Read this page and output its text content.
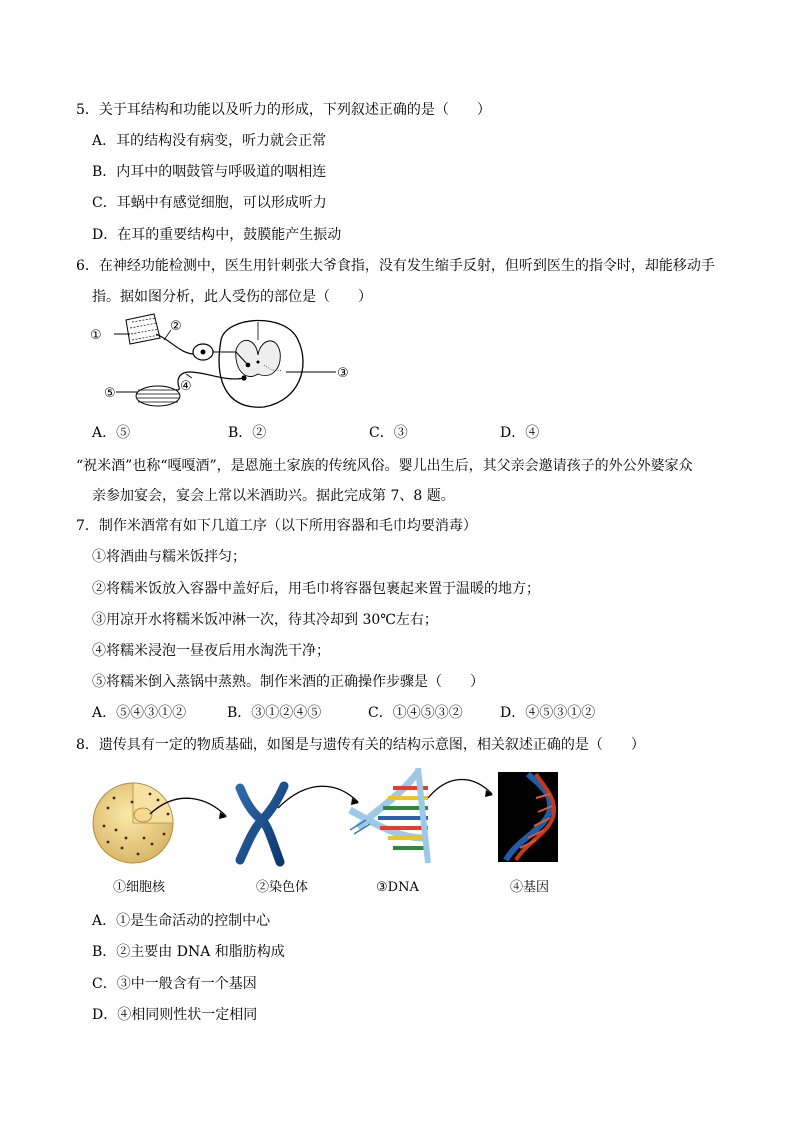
5．关于耳结构和功能以及听力的形成，下列叙述正确的是（　　）
A．耳的结构没有病变，听力就会正常
B．内耳中的咽鼓管与呼吸道的咽相连
C．耳蜗中有感觉细胞，可以形成听力
D．在耳的重要结构中，鼓膜能产生振动
6．在神经功能检测中，医生用针刺张大爷食指，没有发生缩手反射，但听到医生的指令时，却能移动手
指。据如图分析，此人受伤的部位是（　　）
①
②
③
④
⑤
A．⑤	B．②	C．③	D．④
“祝米酒”也称“嘎嘎酒”，是恩施土家族的传统风俗。婴儿出生后，其父亲会邀请孩子的外公外婆家众
亲参加宴会，宴会上常以米酒助兴。据此完成第 7、8 题。
7．制作米酒常有如下几道工序（以下所用容器和毛巾均要消毒）
①将酒曲与糯米饭拌匀；
②将糯米饭放入容器中盖好后，用毛巾将容器包裹起来置于温暖的地方；
③用凉开水将糯米饭冲淋一次，待其冷却到 30℃左右；
④将糯米浸泡一昼夜后用水淘洗干净；
⑤将糯米倒入蒸锅中蒸熟。制作米酒的正确操作步骤是（　　）
A．⑤④③①②	B．③①②④⑤	C．①④⑤③②	D．④⑤③①②
8．遗传具有一定的物质基础，如图是与遗传有关的结构示意图，相关叙述正确的是（　　）
①细胞核	②染色体	③DNA	④基因
A．①是生命活动的控制中心
B．②主要由 DNA 和脂肪构成
C．③中一般含有一个基因
D．④相同则性状一定相同
